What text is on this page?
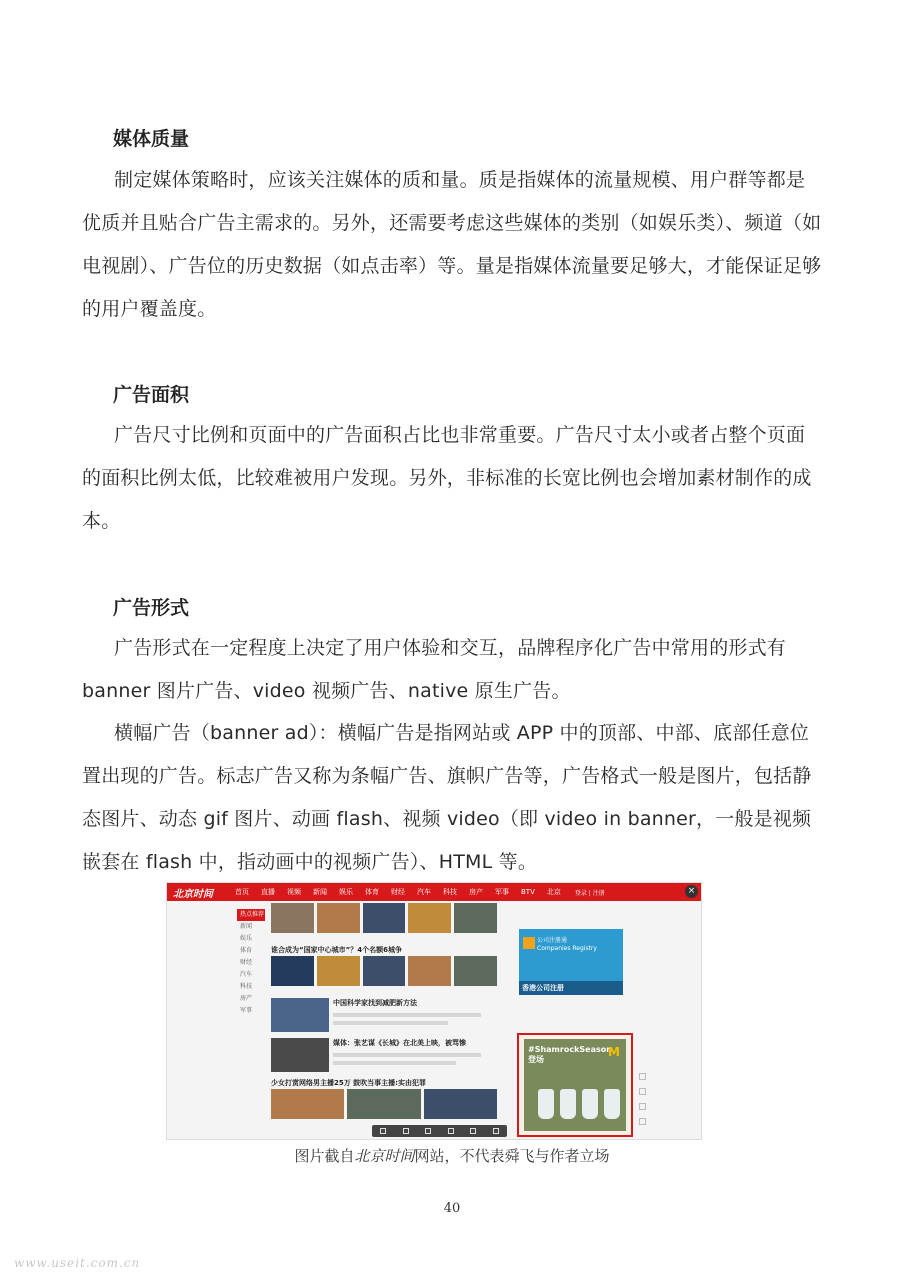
媒体质量

制定媒体策略时，应该关注媒体的质和量。质是指媒体的流量规模、用户群等都是优质并且贴合广告主需求的。另外，还需要考虑这些媒体的类别（如娱乐类）、频道（如电视剧）、广告位的历史数据（如点击率）等。量是指媒体流量要足够大，才能保证足够的用户覆盖度。

广告面积

广告尺寸比例和页面中的广告面积占比也非常重要。广告尺寸太小或者占整个页面的面积比例太低，比较难被用户发现。另外，非标准的长宽比例也会增加素材制作的成本。

广告形式

广告形式在一定程度上决定了用户体验和交互，品牌程序化广告中常用的形式有banner 图片广告、video 视频广告、native 原生广告。

横幅广告（banner ad）：横幅广告是指网站或 APP 中的顶部、中部、底部任意位置出现的广告。标志广告又称为条幅广告、旗帜广告等，广告格式一般是图片，包括静态图片、动态 gif 图片、动画 flash、视频 video（即 video in banner，一般是视频嵌套在 flash 中，指动画中的视频广告）、HTML 等。

北京时间	首页	直播	视频	新闻	娱乐	体育	财经	汽车	科技	房产	军事	BTV	北京	登录 | 注册	×
热点推荐
新闻
娱乐
体育
财经
汽车
科技
房产
军事
谁合成为“国家中心城市”？4个名额6城争
中国科学家找到减肥新方法
媒体：张艺谋《长城》在北美上映，被骂惨
少女打赏网络男主播25万 鼓吹当事主播:实由犯罪
公司注册通
Companies Registry
香港公司注册
#ShamrockSeason
登场
M

图片截自北京时间网站，不代表舜飞与作者立场

40

www.useit.com.cn
